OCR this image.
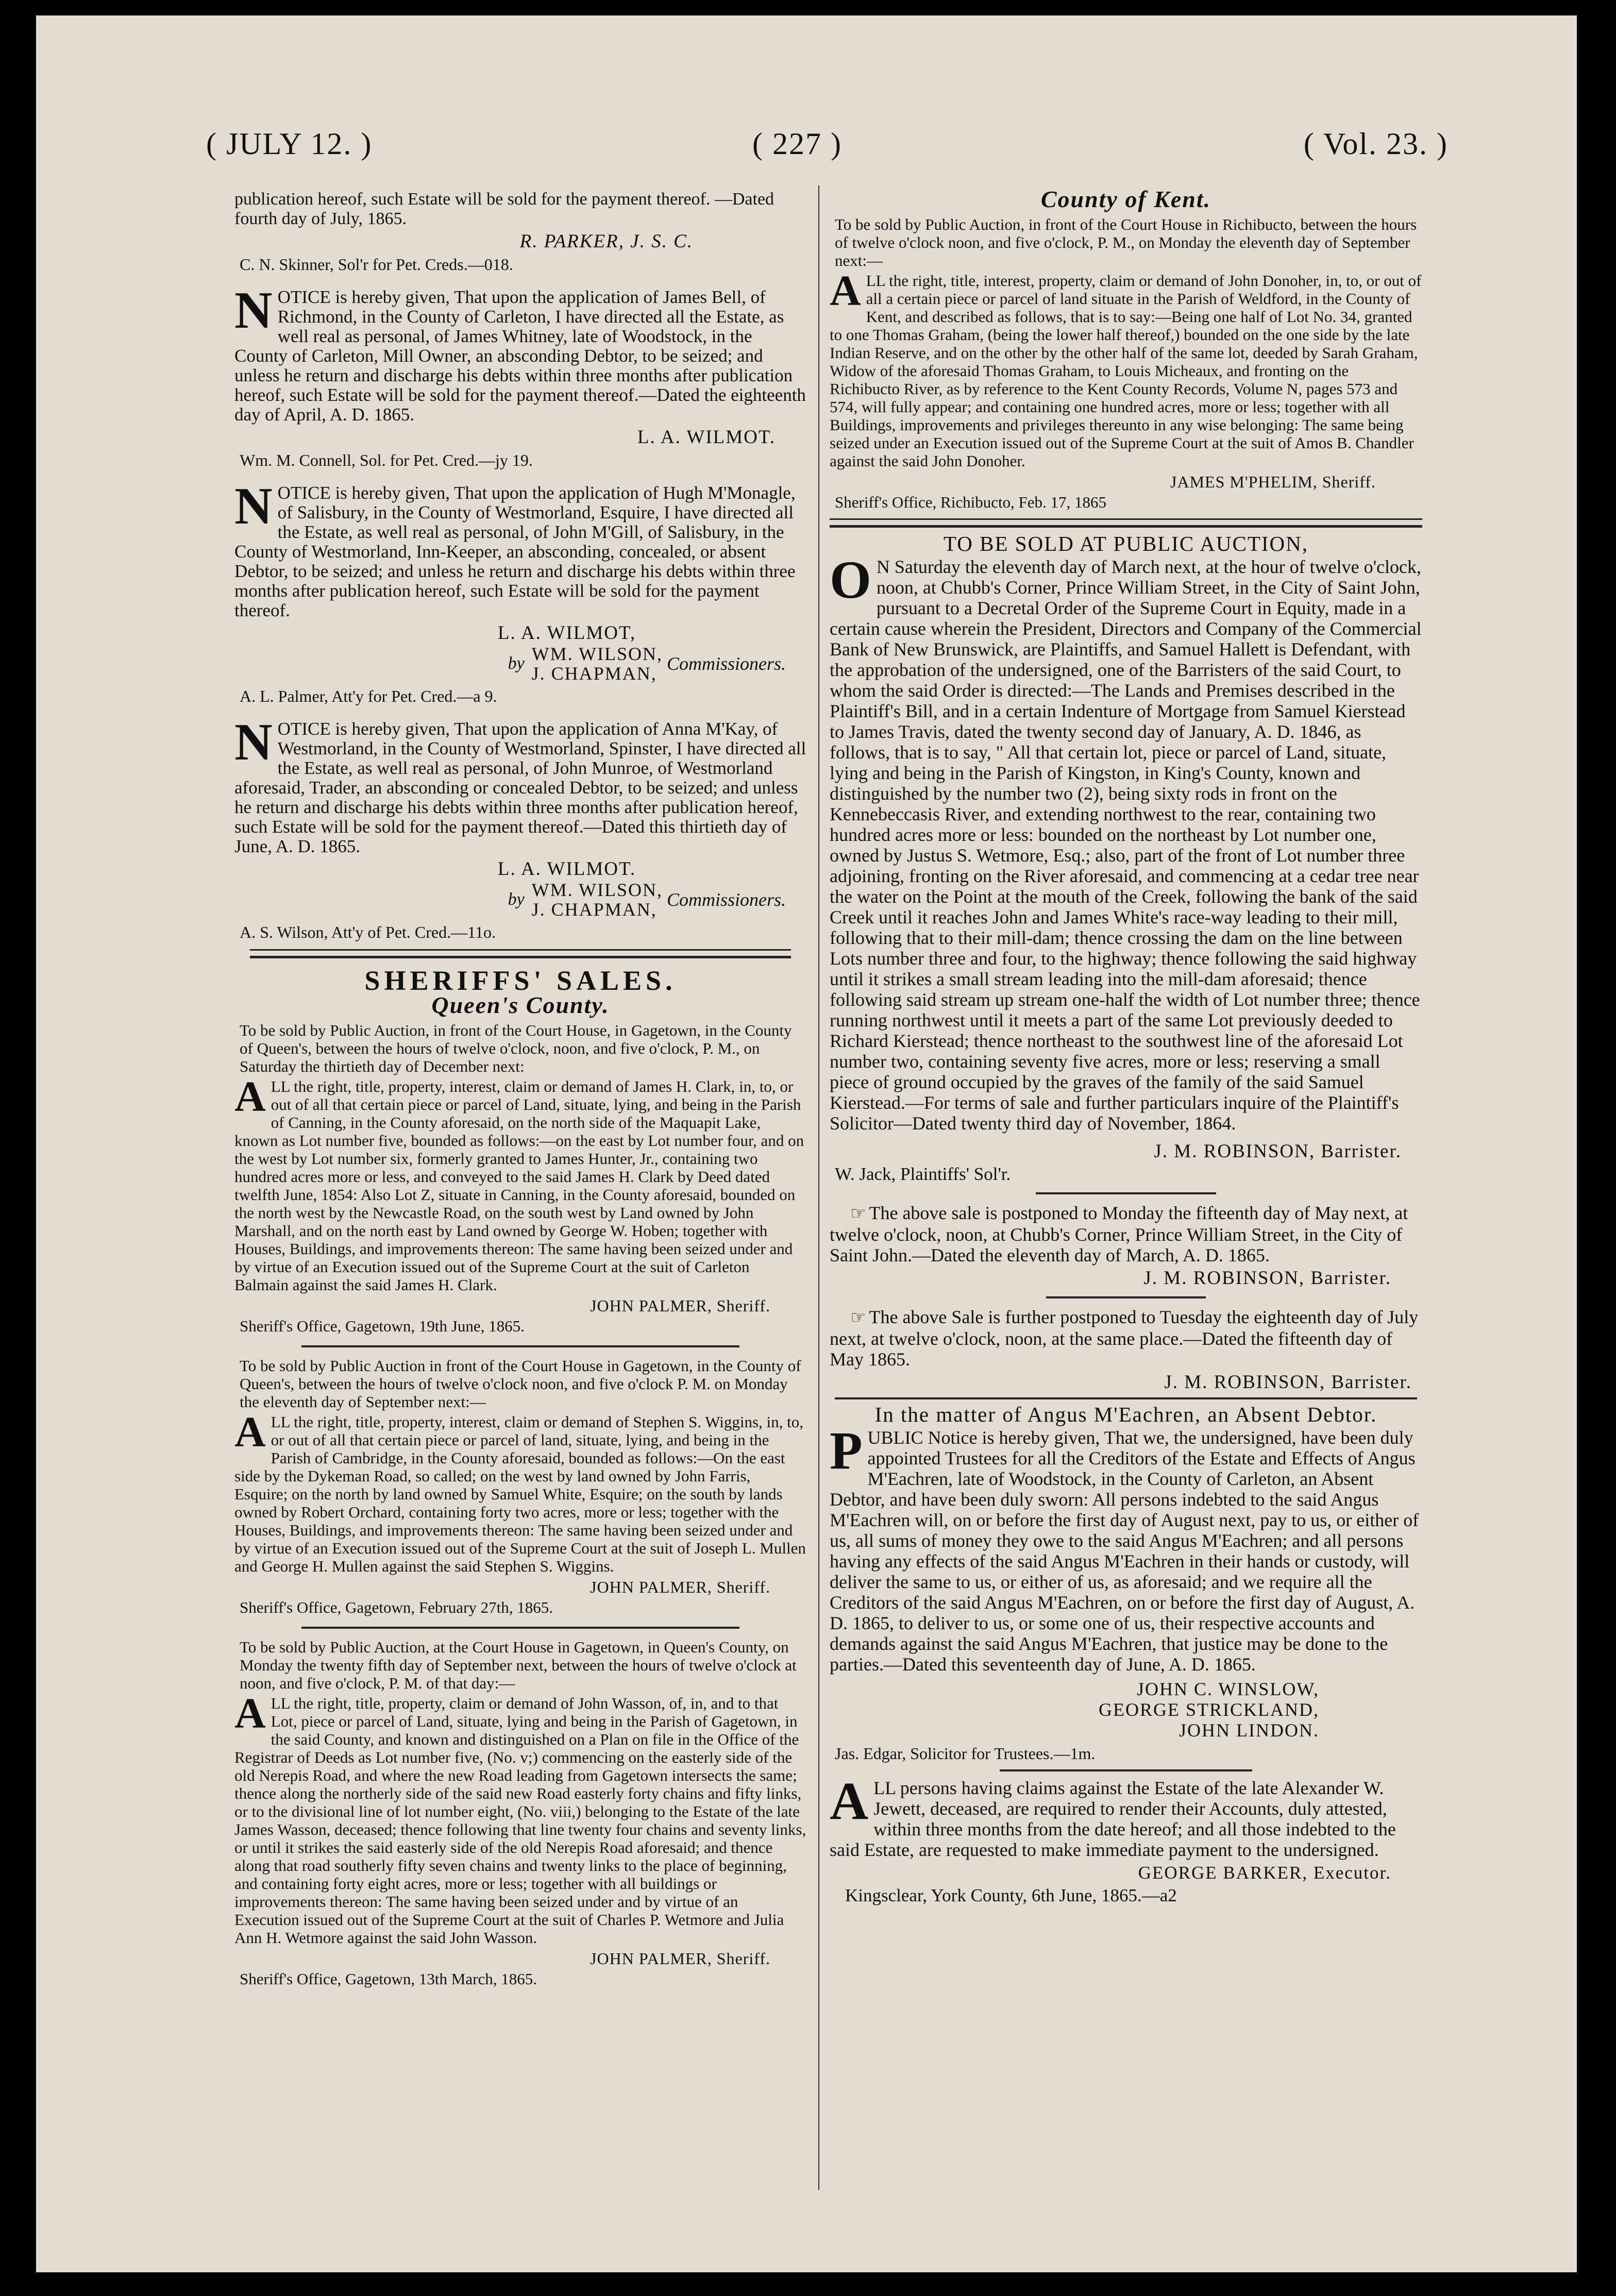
( JULY 12. )	( 227 )	( Vol. 23. )

publication hereof, such Estate will be sold for the payment thereof. —Dated fourth day of July, 1865.

R. PARKER, J. S. C.
C. N. Skinner, Sol'r for Pet. Creds.—018.
N OTICE is hereby given, That upon the application of James Bell, of Richmond, in the County of Carleton, I have directed all the Estate, as well real as personal, of James Whitney, late of Woodstock, in the County of Carleton, Mill Owner, an absconding Debtor, to be seized; and unless he return and discharge his debts within three months after publication hereof, such Estate will be sold for the payment thereof.—Dated the eighteenth day of April, A. D. 1865.
L. A. WILMOT.
Wm. M. Connell, Sol. for Pet. Cred.—jy 19.
N OTICE is hereby given, That upon the application of Hugh M'Monagle, of Salisbury, in the County of Westmorland, Esquire, I have directed all the Estate, as well real as personal, of John M'Gill, of Salisbury, in the County of Westmorland, Inn-Keeper, an absconding, concealed, or absent Debtor, to be seized; and unless he return and discharge his debts within three months after publication hereof, such Estate will be sold for the payment thereof.
L. A. WILMOT,
by WM. WILSON,
J. CHAPMAN, Commissioners.
A. L. Palmer, Att'y for Pet. Cred.—a 9.
N OTICE is hereby given, That upon the application of Anna M'Kay, of Westmorland, in the County of Westmorland, Spinster, I have directed all the Estate, as well real as personal, of John Munroe, of Westmorland aforesaid, Trader, an absconding or concealed Debtor, to be seized; and unless he return and discharge his debts within three months after publication hereof, such Estate will be sold for the payment thereof.—Dated this thirtieth day of June, A. D. 1865.
L. A. WILMOT.
by WM. WILSON,
J. CHAPMAN, Commissioners.
A. S. Wilson, Att'y of Pet. Cred.—11o.
SHERIFFS' SALES.
Queen's County.
To be sold by Public Auction, in front of the Court House, in Gagetown, in the County of Queen's, between the hours of twelve o'clock, noon, and five o'clock, P. M., on Saturday the thirtieth day of December next:
A LL the right, title, property, interest, claim or demand of James H. Clark, in, to, or out of all that certain piece or parcel of Land, situate, lying, and being in the Parish of Canning, in the County aforesaid, on the north side of the Maquapit Lake, known as Lot number five, bounded as follows:—on the east by Lot number four, and on the west by Lot number six, formerly granted to James Hunter, Jr., containing two hundred acres more or less, and conveyed to the said James H. Clark by Deed dated twelfth June, 1854: Also Lot Z, situate in Canning, in the County aforesaid, bounded on the north west by the Newcastle Road, on the south west by Land owned by John Marshall, and on the north east by Land owned by George W. Hoben; together with Houses, Buildings, and improvements thereon: The same having been seized under and by virtue of an Execution issued out of the Supreme Court at the suit of Carleton Balmain against the said James H. Clark.
JOHN PALMER, Sheriff.
Sheriff's Office, Gagetown, 19th June, 1865.
To be sold by Public Auction in front of the Court House in Gagetown, in the County of Queen's, between the hours of twelve o'clock noon, and five o'clock P. M. on Monday the eleventh day of September next:—
A LL the right, title, property, interest, claim or demand of Stephen S. Wiggins, in, to, or out of all that certain piece or parcel of land, situate, lying, and being in the Parish of Cambridge, in the County aforesaid, bounded as follows:—On the east side by the Dykeman Road, so called; on the west by land owned by John Farris, Esquire; on the north by land owned by Samuel White, Esquire; on the south by lands owned by Robert Orchard, containing forty two acres, more or less; together with the Houses, Buildings, and improvements thereon: The same having been seized under and by virtue of an Execution issued out of the Supreme Court at the suit of Joseph L. Mullen and George H. Mullen against the said Stephen S. Wiggins.
JOHN PALMER, Sheriff.
Sheriff's Office, Gagetown, February 27th, 1865.
To be sold by Public Auction, at the Court House in Gagetown, in Queen's County, on Monday the twenty fifth day of September next, between the hours of twelve o'clock at noon, and five o'clock, P. M. of that day:—
A LL the right, title, property, claim or demand of John Wasson, of, in, and to that Lot, piece or parcel of Land, situate, lying and being in the Parish of Gagetown, in the said County, and known and distinguished on a Plan on file in the Office of the Registrar of Deeds as Lot number five, (No. v;) commencing on the easterly side of the old Nerepis Road, and where the new Road leading from Gagetown intersects the same; thence along the northerly side of the said new Road easterly forty chains and fifty links, or to the divisional line of lot number eight, (No. viii,) belonging to the Estate of the late James Wasson, deceased; thence following that line twenty four chains and seventy links, or until it strikes the said easterly side of the old Nerepis Road aforesaid; and thence along that road southerly fifty seven chains and twenty links to the place of beginning, and containing forty eight acres, more or less; together with all buildings or improvements thereon: The same having been seized under and by virtue of an Execution issued out of the Supreme Court at the suit of Charles P. Wetmore and Julia Ann H. Wetmore against the said John Wasson.
JOHN PALMER, Sheriff.
Sheriff's Office, Gagetown, 13th March, 1865.
County of Kent.
To be sold by Public Auction, in front of the Court House in Richibucto, between the hours of twelve o'clock noon, and five o'clock, P. M., on Monday the eleventh day of September next:—
A LL the right, title, interest, property, claim or demand of John Donoher, in, to, or out of all a certain piece or parcel of land situate in the Parish of Weldford, in the County of Kent, and described as follows, that is to say:—Being one half of Lot No. 34, granted to one Thomas Graham, (being the lower half thereof,) bounded on the one side by the late Indian Reserve, and on the other by the other half of the same lot, deeded by Sarah Graham, Widow of the aforesaid Thomas Graham, to Louis Micheaux, and fronting on the Richibucto River, as by reference to the Kent County Records, Volume N, pages 573 and 574, will fully appear; and containing one hundred acres, more or less; together with all Buildings, improvements and privileges thereunto in any wise belonging: The same being seized under an Execution issued out of the Supreme Court at the suit of Amos B. Chandler against the said John Donoher.
JAMES M'PHELIM, Sheriff.
Sheriff's Office, Richibucto, Feb. 17, 1865
TO BE SOLD AT PUBLIC AUCTION,
O N Saturday the eleventh day of March next, at the hour of twelve o'clock, noon, at Chubb's Corner, Prince William Street, in the City of Saint John, pursuant to a Decretal Order of the Supreme Court in Equity, made in a certain cause wherein the President, Directors and Company of the Commercial Bank of New Brunswick, are Plaintiffs, and Samuel Hallett is Defendant, with the approbation of the undersigned, one of the Barristers of the said Court, to whom the said Order is directed:—The Lands and Premises described in the Plaintiff's Bill, and in a certain Indenture of Mortgage from Samuel Kierstead to James Travis, dated the twenty second day of January, A. D. 1846, as follows, that is to say, " All that certain lot, piece or parcel of Land, situate, lying and being in the Parish of Kingston, in King's County, known and distinguished by the number two (2), being sixty rods in front on the Kennebeccasis River, and extending northwest to the rear, containing two hundred acres more or less: bounded on the northeast by Lot number one, owned by Justus S. Wetmore, Esq.; also, part of the front of Lot number three adjoining, fronting on the River aforesaid, and commencing at a cedar tree near the water on the Point at the mouth of the Creek, following the bank of the said Creek until it reaches John and James White's race-way leading to their mill, following that to their mill-dam; thence crossing the dam on the line between Lots number three and four, to the highway; thence following the said highway until it strikes a small stream leading into the mill-dam aforesaid; thence following said stream up stream one-half the width of Lot number three; thence running northwest until it meets a part of the same Lot previously deeded to Richard Kierstead; thence northeast to the southwest line of the aforesaid Lot number two, containing seventy five acres, more or less; reserving a small piece of ground occupied by the graves of the family of the said Samuel Kierstead.—For terms of sale and further particulars inquire of the Plaintiff's Solicitor—Dated twenty third day of November, 1864.
J. M. ROBINSON, Barrister.
W. Jack, Plaintiffs' Sol'r.

☞ The above sale is postponed to Monday the fifteenth day of May next, at twelve o'clock, noon, at Chubb's Corner, Prince William Street, in the City of Saint John.—Dated the eleventh day of March, A. D. 1865.

J. M. ROBINSON, Barrister.

☞ The above Sale is further postponed to Tuesday the eighteenth day of July next, at twelve o'clock, noon, at the same place.—Dated the fifteenth day of May 1865.

J. M. ROBINSON, Barrister.
In the matter of Angus M'Eachren, an Absent Debtor.
P UBLIC Notice is hereby given, That we, the undersigned, have been duly appointed Trustees for all the Creditors of the Estate and Effects of Angus M'Eachren, late of Woodstock, in the County of Carleton, an Absent Debtor, and have been duly sworn: All persons indebted to the said Angus M'Eachren will, on or before the first day of August next, pay to us, or either of us, all sums of money they owe to the said Angus M'Eachren; and all persons having any effects of the said Angus M'Eachren in their hands or custody, will deliver the same to us, or either of us, as aforesaid; and we require all the Creditors of the said Angus M'Eachren, on or before the first day of August, A. D. 1865, to deliver to us, or some one of us, their respective accounts and demands against the said Angus M'Eachren, that justice may be done to the parties.—Dated this seventeenth day of June, A. D. 1865.
JOHN C. WINSLOW,
GEORGE STRICKLAND,
JOHN LINDON.
Jas. Edgar, Solicitor for Trustees.—1m.
A LL persons having claims against the Estate of the late Alexander W. Jewett, deceased, are required to render their Accounts, duly attested, within three months from the date hereof; and all those indebted to the said Estate, are requested to make immediate payment to the undersigned.
GEORGE BARKER, Executor.
Kingsclear, York County, 6th June, 1865.—a2
